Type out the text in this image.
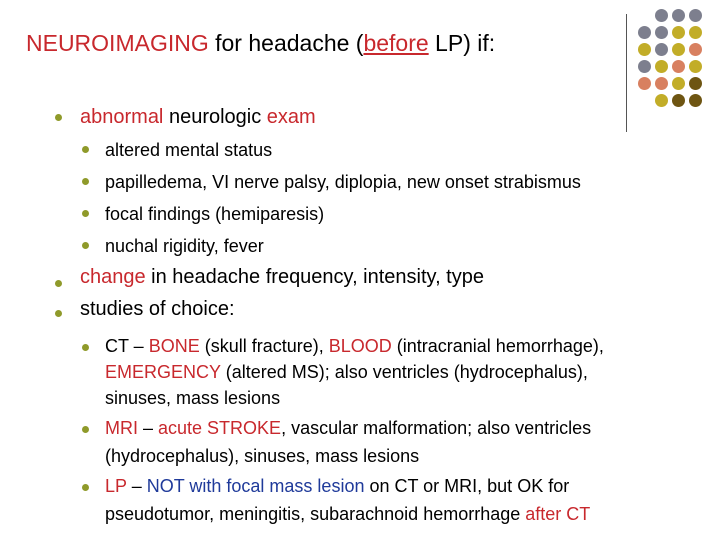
NEUROIMAGING for headache (before LP) if:
abnormal neurologic exam
altered mental status
papilledema, VI nerve palsy, diplopia, new onset strabismus
focal findings (hemiparesis)
nuchal rigidity, fever
change in headache frequency, intensity, type
studies of choice:
CT – BONE (skull fracture), BLOOD (intracranial hemorrhage),
EMERGENCY (altered MS); also ventricles (hydrocephalus),
sinuses, mass lesions
MRI – acute STROKE, vascular malformation; also ventricles
(hydrocephalus), sinuses, mass lesions
LP – NOT with focal mass lesion on CT or MRI, but OK for
pseudotumor, meningitis, subarachnoid hemorrhage after CT
